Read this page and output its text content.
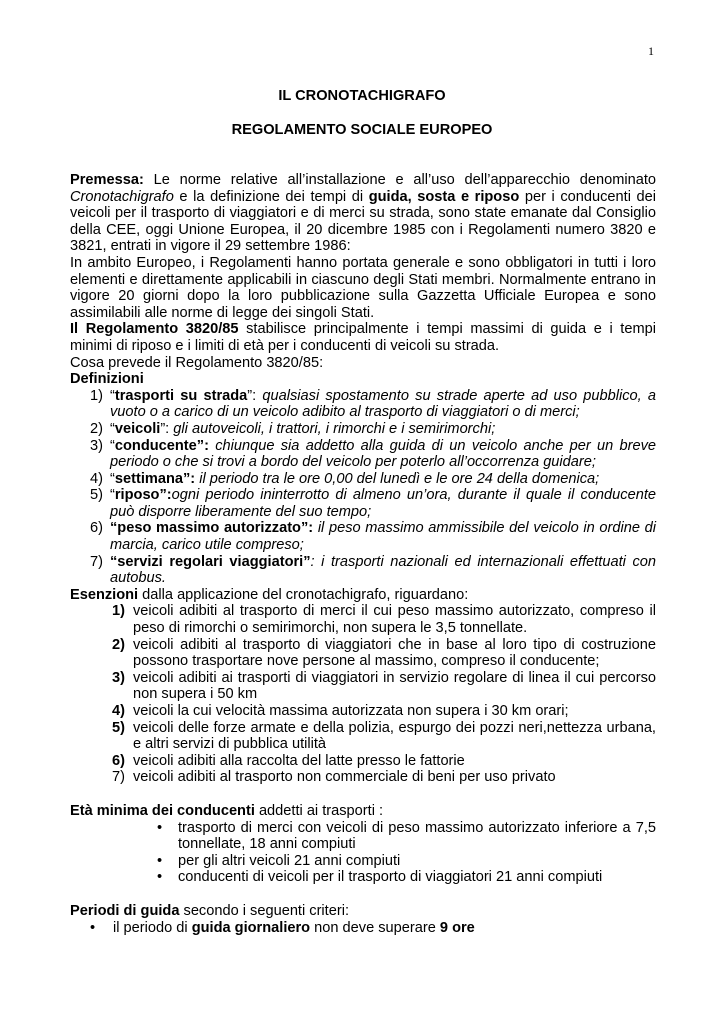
1
IL CRONOTACHIGRAFO
REGOLAMENTO SOCIALE EUROPEO

Premessa: Le norme relative all’installazione e all’uso dell’apparecchio denominato Cronotachigrafo e la definizione dei tempi di guida, sosta e riposo per i conducenti dei veicoli per il trasporto di viaggiatori e di merci su strada, sono state emanate dal Consiglio della CEE, oggi Unione Europea, il 20 dicembre 1985 con i Regolamenti numero 3820 e 3821, entrati in vigore il 29 settembre 1986:

In ambito Europeo, i Regolamenti hanno portata generale e sono obbligatori in tutti i loro elementi e direttamente applicabili in ciascuno degli Stati membri. Normalmente entrano in vigore 20 giorni dopo la loro pubblicazione sulla Gazzetta Ufficiale Europea e sono assimilabili alle norme di legge dei singoli Stati.

Il Regolamento 3820/85 stabilisce principalmente i tempi massimi di guida e i tempi minimi di riposo e i limiti di età per i conducenti di veicoli su strada.

Cosa prevede il Regolamento 3820/85:

Definizioni

1) “trasporti su strada”: qualsiasi spostamento su strade aperte ad uso pubblico, a vuoto o a carico di un veicolo adibito al trasporto di viaggiatori o di merci;
2) “veicoli”: gli autoveicoli, i trattori, i rimorchi e i semirimorchi;
3) “conducente”: chiunque sia addetto alla guida di un veicolo anche per un breve periodo o che si trovi a bordo del veicolo per poterlo all’occorrenza guidare;
4) “settimana”: il periodo tra le ore 0,00 del lunedì e le ore 24 della domenica;
5) “riposo”:ogni periodo ininterrotto di almeno un’ora, durante il quale il conducente può disporre liberamente del suo tempo;
6) “peso massimo autorizzato”: il peso massimo ammissibile del veicolo in ordine di marcia, carico utile compreso;
7) “servizi regolari viaggiatori”: i trasporti nazionali ed internazionali effettuati con autobus.

Esenzioni dalla applicazione del cronotachigrafo, riguardano:

1) veicoli adibiti al trasporto di merci il cui peso massimo autorizzato, compreso il peso di rimorchi o semirimorchi, non supera le 3,5 tonnellate.
2) veicoli adibiti al trasporto di viaggiatori che in base al loro tipo di costruzione possono trasportare nove persone al massimo, compreso il conducente;
3) veicoli adibiti ai trasporti di viaggiatori in servizio regolare di linea il cui percorso non supera i 50 km
4) veicoli la cui velocità massima autorizzata non supera i 30 km orari;
5) veicoli delle forze armate e della polizia, espurgo dei pozzi neri,nettezza urbana, e altri servizi di pubblica utilità
6) veicoli adibiti alla raccolta del latte presso le fattorie
7) veicoli adibiti al trasporto non commerciale di beni per uso privato

Età minima dei conducenti addetti ai trasporti :

• trasporto di merci con veicoli di peso massimo autorizzato inferiore a 7,5 tonnellate, 18 anni compiuti
• per gli altri veicoli 21 anni compiuti
• conducenti di veicoli per il trasporto di viaggiatori 21 anni compiuti

Periodi di guida secondo i seguenti criteri:

• il periodo di guida giornaliero non deve superare 9 ore
